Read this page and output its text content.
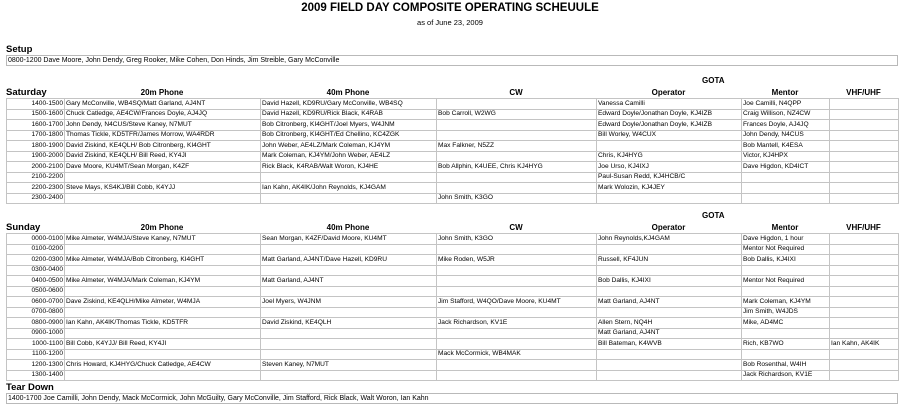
2009 FIELD DAY COMPOSITE OPERATING SCHEUULE
as of June 23, 2009
Setup
0800-1200 Dave Moore, John Dendy, Greg Rooker, Mike Cohen, Don Hinds, Jim Streible, Gary McConville
GOTA
Saturday	20m Phone	40m Phone	CW	Operator	Mentor	VHF/UHF
1400-1500	Gary McConville, WB4SQ/Matt Garland, AJ4NT	David Hazell, KD9RU/Gary McConville, WB4SQ		Vanessa Camilli	Joe Camilli, N4QPP	
1500-1600	Chuck Catledge, AE4CW/Frances Doyle, AJ4JQ	David Hazell, KD9RU/Rick Black, K4RAB	Bob Carroll, W2WG	Edward Doyle/Jonathan Doyle, KJ4IZB	Craig Willison, NZ4CW	
1600-1700	John Dendy, N4CUS/Steve Kaney, N7MUT	Bob Citronberg, KI4GHT/Joel Myers, W4JNM		Edward Doyle/Jonathan Doyle, KJ4IZB	Frances Doyle, AJ4JQ	
1700-1800	Thomas Tickle, KD5TFR/James Morrow, WA4RDR	Bob Citronberg, KI4GHT/Ed Chellino, KC4ZGK		Bill Worley, W4CUX	John Dendy, N4CUS	
1800-1900	David Ziskind, KE4QLH/ Bob Citronberg, KI4GHT	John Weber, AE4LZ/Mark Coleman, KJ4YM	Max Falkner, N5ZZ		Bob Mantell, K4ESA	
1900-2000	David Ziskind, KE4QLH/ Bill Reed, KY4JI	Mark Coleman, KJ4YM/John Weber, AE4LZ		Chris, KJ4HYG	Victor, KJ4HPX	
2000-2100	Dave Moore, KU4MT/Sean Morgan, K4ZF	Rick Black, K4RAB/Walt Woron, KJ4HE	Bob Allphin, K4UEE, Chris KJ4HYG	Joe Urso, KJ4IXJ	Dave Higdon, KD4ICT	
2100-2200				Paul-Susan Redd, KJ4HCB/C		
2200-2300	Steve Mays, KS4KJ/Bill Cobb, K4YJJ	Ian Kahn, AK4IK/John Reynolds, KJ4GAM		Mark Wolozin, KJ4JEY		
2300-2400			John Smith, K3GO			
GOTA
Sunday	20m Phone	40m Phone	CW	Operator	Mentor	VHF/UHF
0000-0100	Mike Almeter, W4MJA/Steve Kaney, N7MUT	Sean Morgan, K4ZF/David Moore, KU4MT	John Smith, K3GO	John Reynolds,KJ4GAM	Dave Higdon, 1 hour	
0100-0200					Mentor Not Required	
0200-0300	Mike Almeter, W4MJA/Bob Citronberg, KI4GHT	Matt Garland, AJ4NT/Dave Hazell, KD9RU	Mike Roden, W5JR	Russell, KF4JUN	Bob Dallis, KJ4IXI	
0300-0400						
0400-0500	Mike Almeter, W4MJA/Mark Coleman, KJ4YM	Matt Garland, AJ4NT		Bob Dallis, KJ4IXI	Mentor Not Required	
0500-0600						
0600-0700	Dave Ziskind, KE4QLH/Mike Almeter, W4MJA	Joel Myers, W4JNM	Jim Stafford, W4QO/Dave Moore, KU4MT	Matt Garland, AJ4NT	Mark Coleman, KJ4YM	
0700-0800					Jim Smith, W4JDS	
0800-0900	Ian Kahn, AK4IK/Thomas Tickle, KD5TFR	David Ziskind, KE4QLH	Jack Richardson, KV1E	Allen Stern, NQ4H	Mike, AD4MC	
0900-1000				Matt Garland, AJ4NT		
1000-1100	Bill Cobb, K4YJJ/ Bill Reed, KY4JI			Bill Bateman, K4WVB	Rich, KB7WO	Ian Kahn, AK4IK
1100-1200			Mack McCormick, WB4MAK			
1200-1300	Chris Howard, KJ4HYG/Chuck Catledge, AE4CW	Steven Kaney, N7MUT			Bob Rosenthal, W4IH	
1300-1400					Jack Richardson, KV1E	
Tear Down
1400-1700 Joe Camilli, John Dendy, Mack McCormick, John McGuilty, Gary McConville, Jim Stafford, Rick Black, Walt Woron, Ian Kahn
